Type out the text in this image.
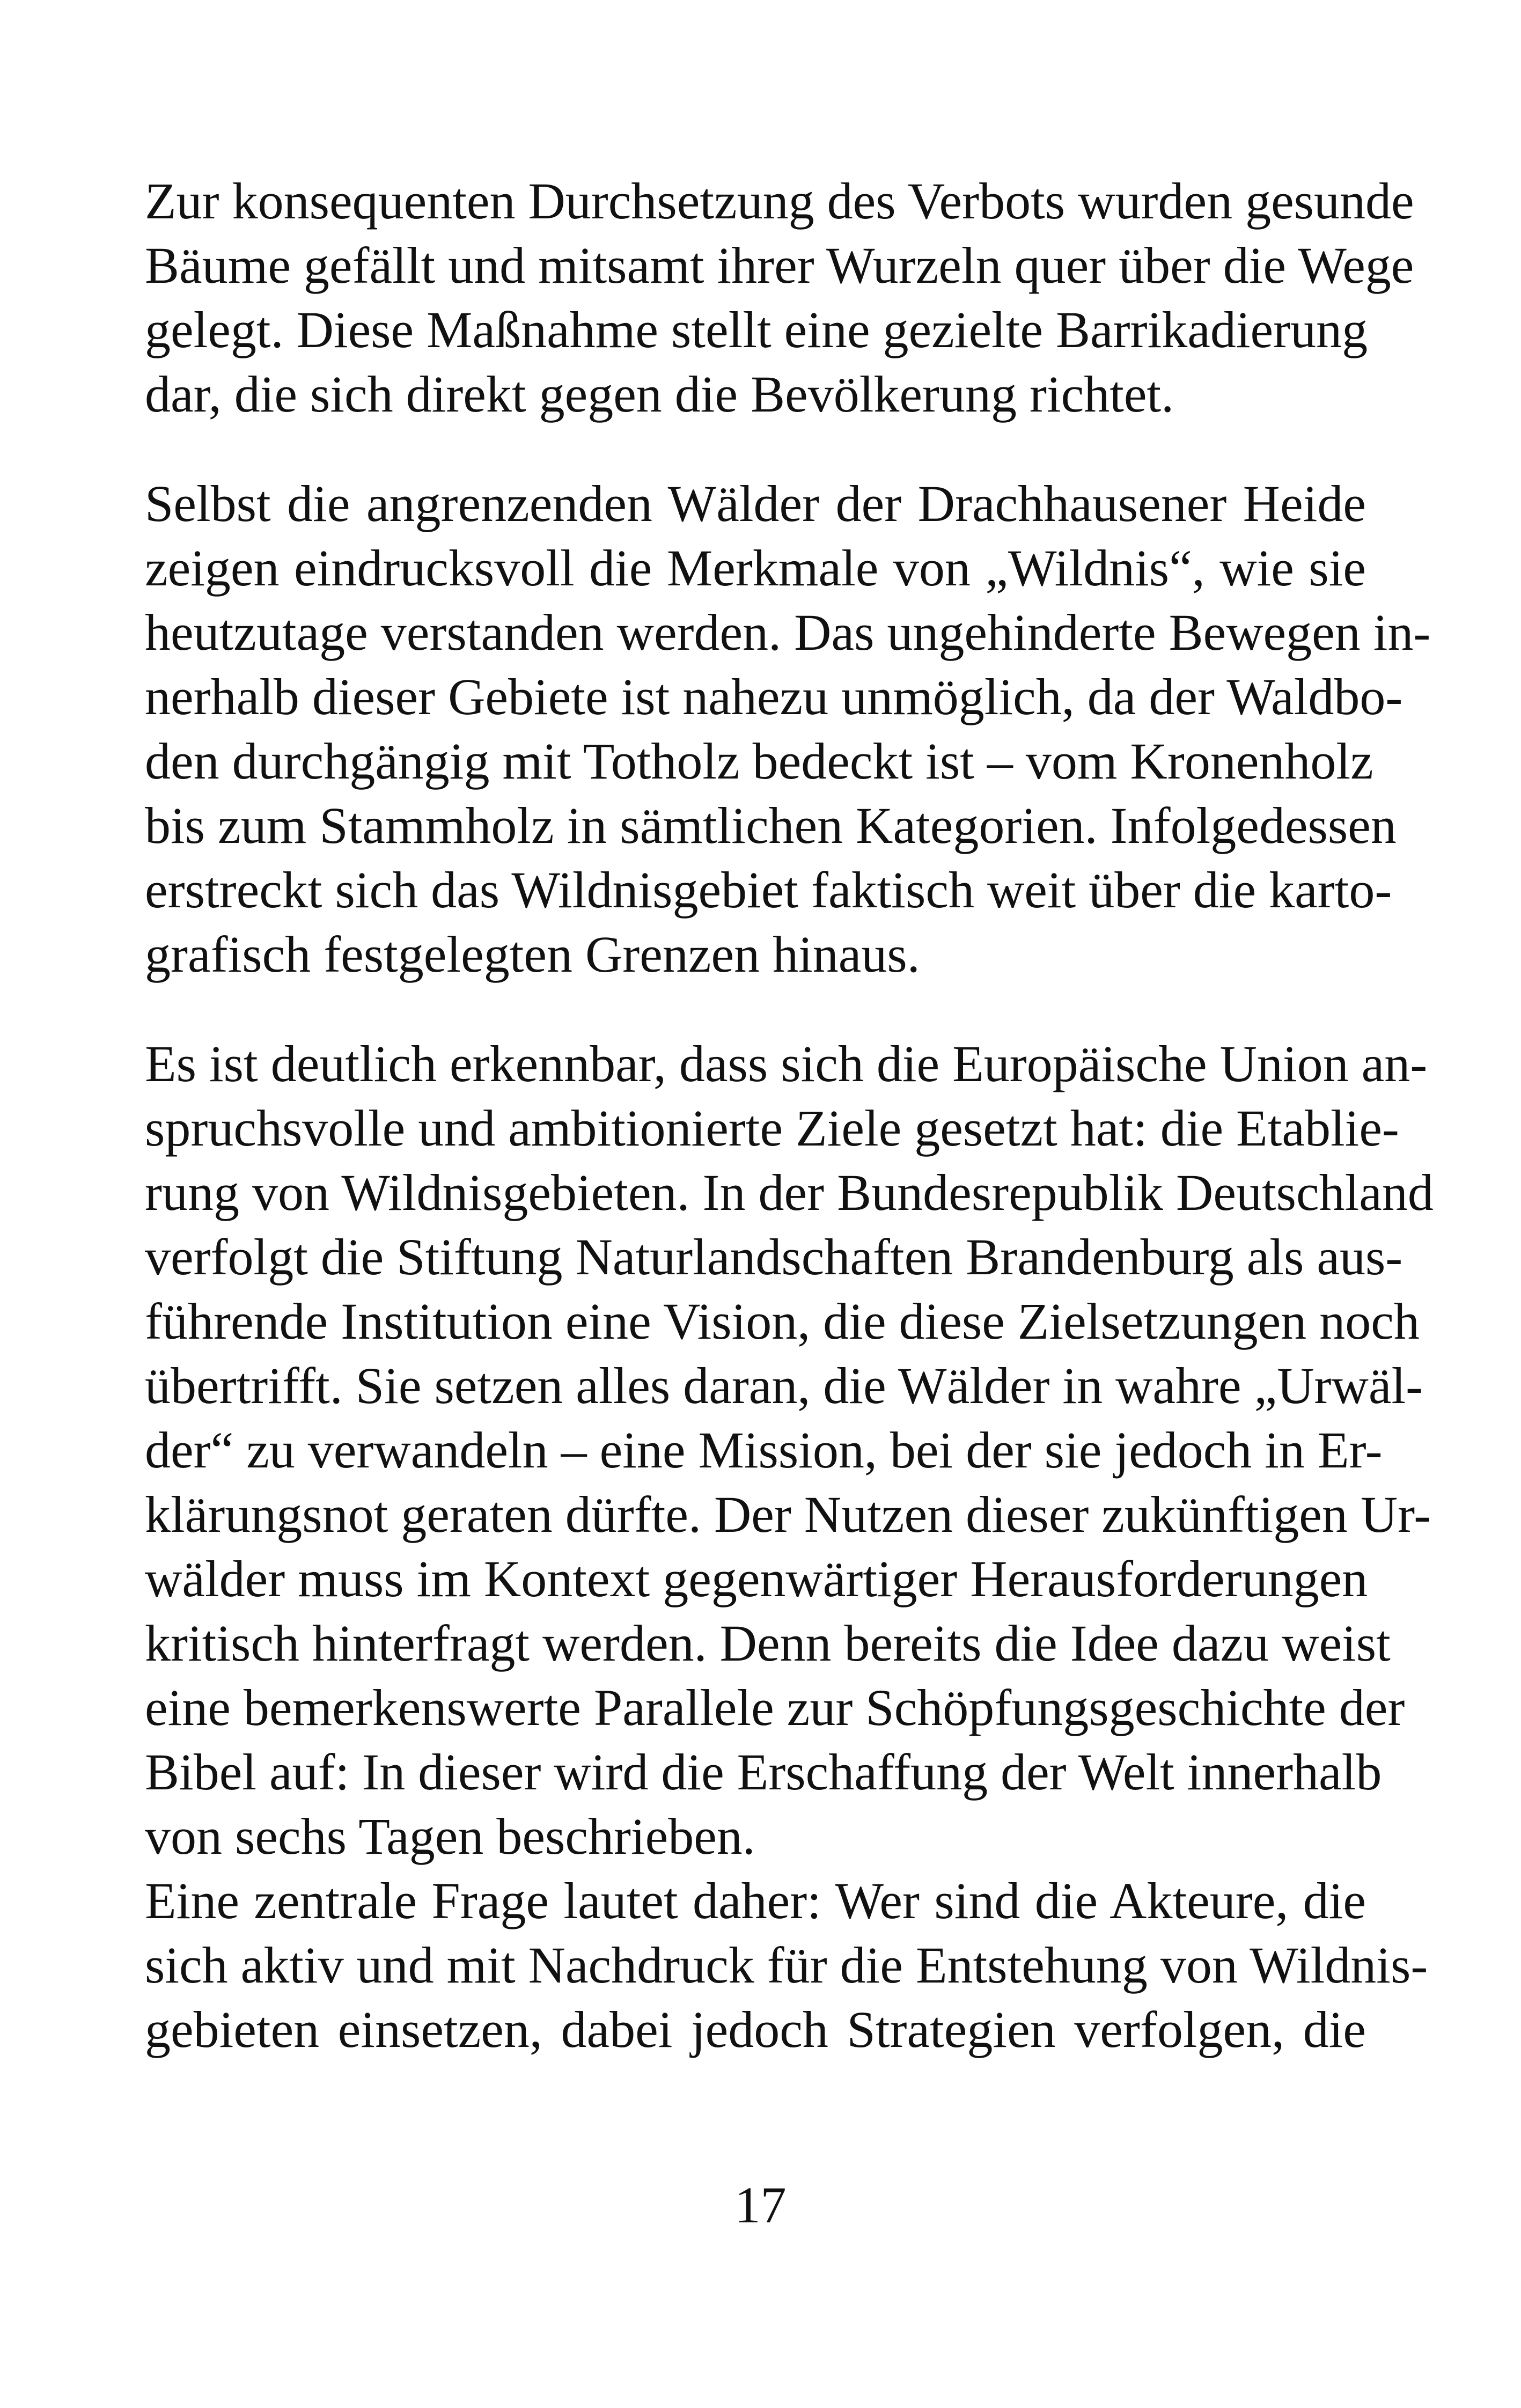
Zur konsequenten Durchsetzung des Verbots wurden gesunde
Bäume gefällt und mitsamt ihrer Wurzeln quer über die Wege
gelegt. Diese Maßnahme stellt eine gezielte Barrikadierung
dar, die sich direkt gegen die Bevölkerung richtet.
Selbst die angrenzenden Wälder der Drachhausener Heide
zeigen eindrucksvoll die Merkmale von „Wildnis“, wie sie
heutzutage verstanden werden. Das ungehinderte Bewegen in-
nerhalb dieser Gebiete ist nahezu unmöglich, da der Waldbo-
den durchgängig mit Totholz bedeckt ist – vom Kronenholz
bis zum Stammholz in sämtlichen Kategorien. Infolgedessen
erstreckt sich das Wildnisgebiet faktisch weit über die karto-
grafisch festgelegten Grenzen hinaus.
Es ist deutlich erkennbar, dass sich die Europäische Union an-
spruchsvolle und ambitionierte Ziele gesetzt hat: die Etablie-
rung von Wildnisgebieten. In der Bundesrepublik Deutschland
verfolgt die Stiftung Naturlandschaften Brandenburg als aus-
führende Institution eine Vision, die diese Zielsetzungen noch
übertrifft. Sie setzen alles daran, die Wälder in wahre „Urwäl-
der“ zu verwandeln – eine Mission, bei der sie jedoch in Er-
klärungsnot geraten dürfte. Der Nutzen dieser zukünftigen Ur-
wälder muss im Kontext gegenwärtiger Herausforderungen
kritisch hinterfragt werden. Denn bereits die Idee dazu weist
eine bemerkenswerte Parallele zur Schöpfungsgeschichte der
Bibel auf: In dieser wird die Erschaffung der Welt innerhalb
von sechs Tagen beschrieben.
Eine zentrale Frage lautet daher: Wer sind die Akteure, die
sich aktiv und mit Nachdruck für die Entstehung von Wildnis-
gebieten einsetzen, dabei jedoch Strategien verfolgen, die
17
